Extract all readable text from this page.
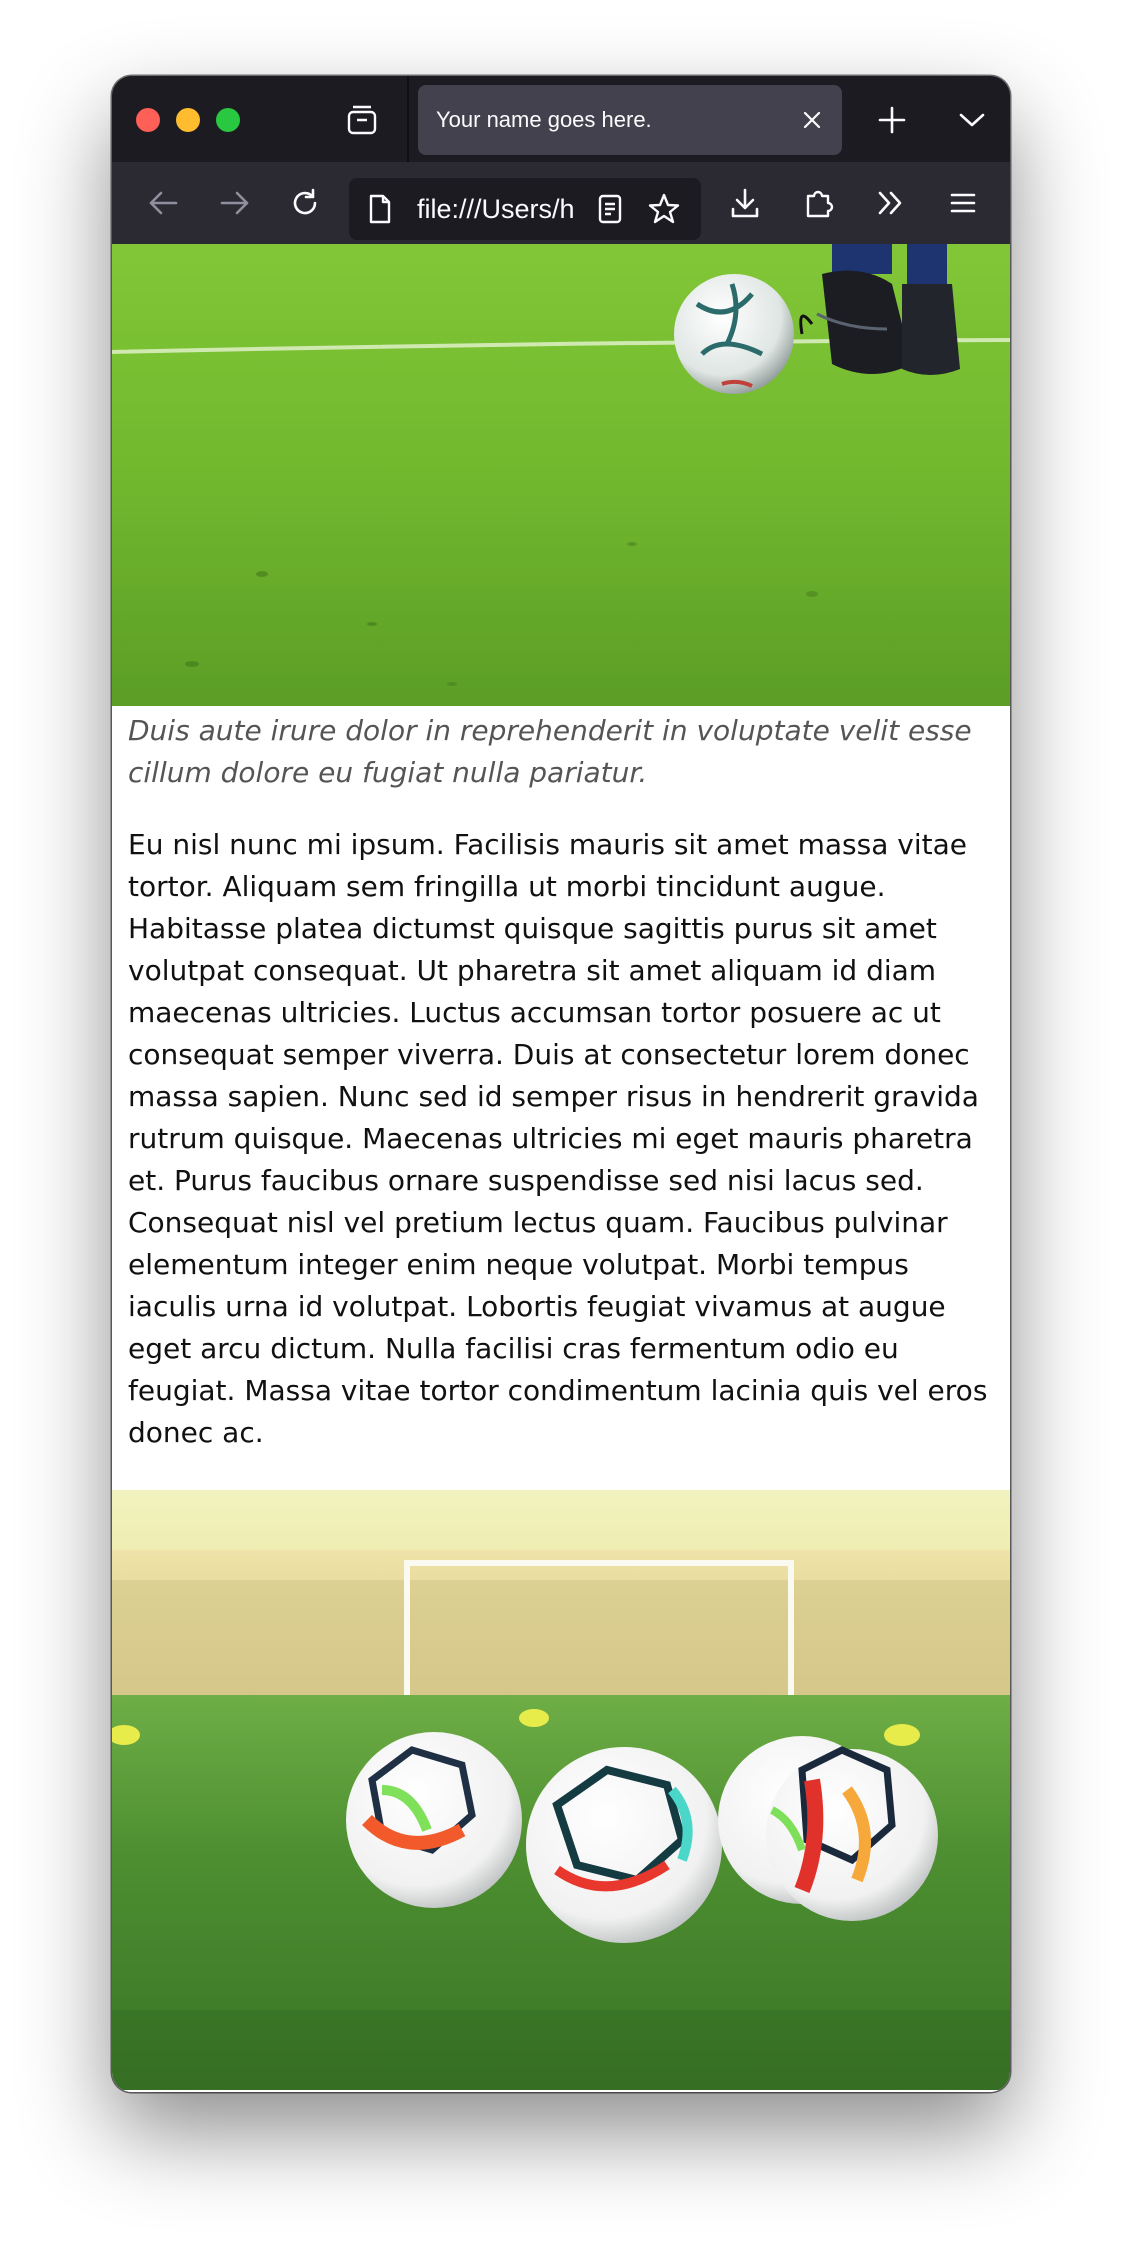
Your name goes here.
file:///Users/h

Duis aute irure dolor in reprehenderit in voluptate velit esse cillum dolore eu fugiat nulla pariatur.

Eu nisl nunc mi ipsum. Facilisis mauris sit amet massa vitae tortor. Aliquam sem fringilla ut morbi tincidunt augue. Habitasse platea dictumst quisque sagittis purus sit amet volutpat consequat. Ut pharetra sit amet aliquam id diam maecenas ultricies. Luctus accumsan tortor posuere ac ut consequat semper viverra. Duis at consectetur lorem donec massa sapien. Nunc sed id semper risus in hendrerit gravida rutrum quisque. Maecenas ultricies mi eget mauris pharetra et. Purus faucibus ornare suspendisse sed nisi lacus sed. Consequat nisl vel pretium lectus quam. Faucibus pulvinar elementum integer enim neque volutpat. Morbi tempus iaculis urna id volutpat. Lobortis feugiat vivamus at augue eget arcu dictum. Nulla facilisi cras fermentum odio eu feugiat. Massa vitae tortor condimentum lacinia quis vel eros donec ac.
